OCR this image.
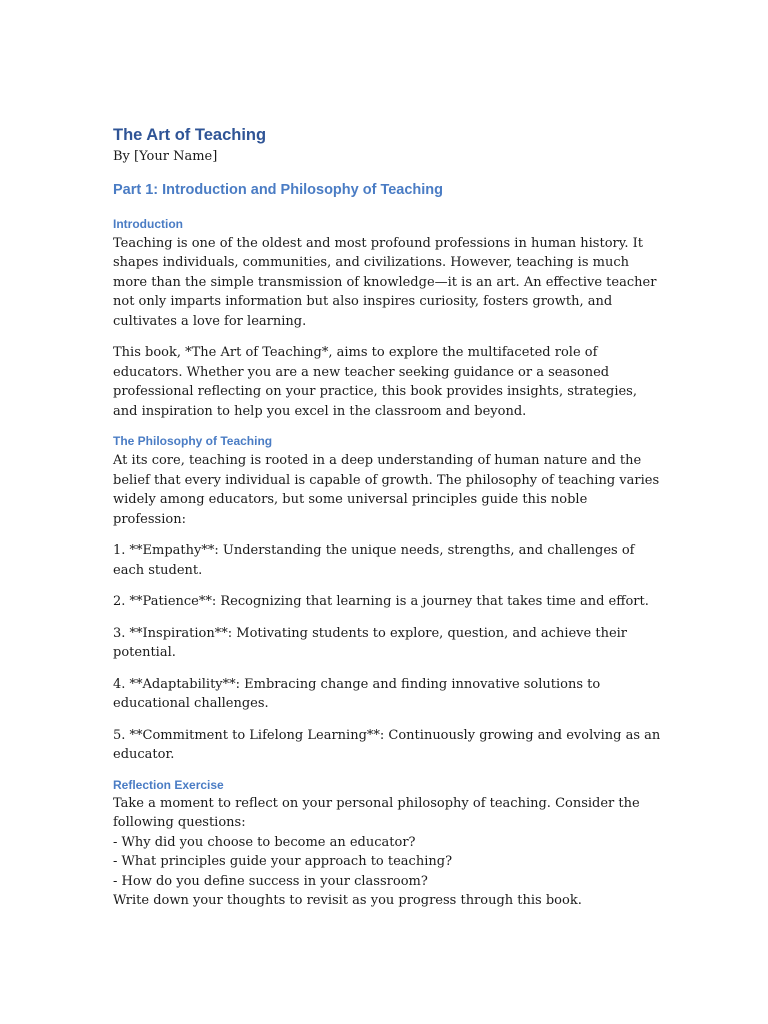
The Art of Teaching

By [Your Name]

Part 1: Introduction and Philosophy of Teaching
Introduction

Teaching is one of the oldest and most profound professions in human history. It shapes individuals, communities, and civilizations. However, teaching is much more than the simple transmission of knowledge—it is an art. An effective teacher not only imparts information but also inspires curiosity, fosters growth, and cultivates a love for learning.

This book, *The Art of Teaching*, aims to explore the multifaceted role of educators. Whether you are a new teacher seeking guidance or a seasoned professional reflecting on your practice, this book provides insights, strategies, and inspiration to help you excel in the classroom and beyond.

The Philosophy of Teaching

At its core, teaching is rooted in a deep understanding of human nature and the belief that every individual is capable of growth. The philosophy of teaching varies widely among educators, but some universal principles guide this noble profession:

1. **Empathy**: Understanding the unique needs, strengths, and challenges of each student.

2. **Patience**: Recognizing that learning is a journey that takes time and effort.

3. **Inspiration**: Motivating students to explore, question, and achieve their potential.

4. **Adaptability**: Embracing change and finding innovative solutions to educational challenges.

5. **Commitment to Lifelong Learning**: Continuously growing and evolving as an educator.

Reflection Exercise
Take a moment to reflect on your personal philosophy of teaching. Consider the following questions:
- Why did you choose to become an educator?
- What principles guide your approach to teaching?
- How do you define success in your classroom?
Write down your thoughts to revisit as you progress through this book.
